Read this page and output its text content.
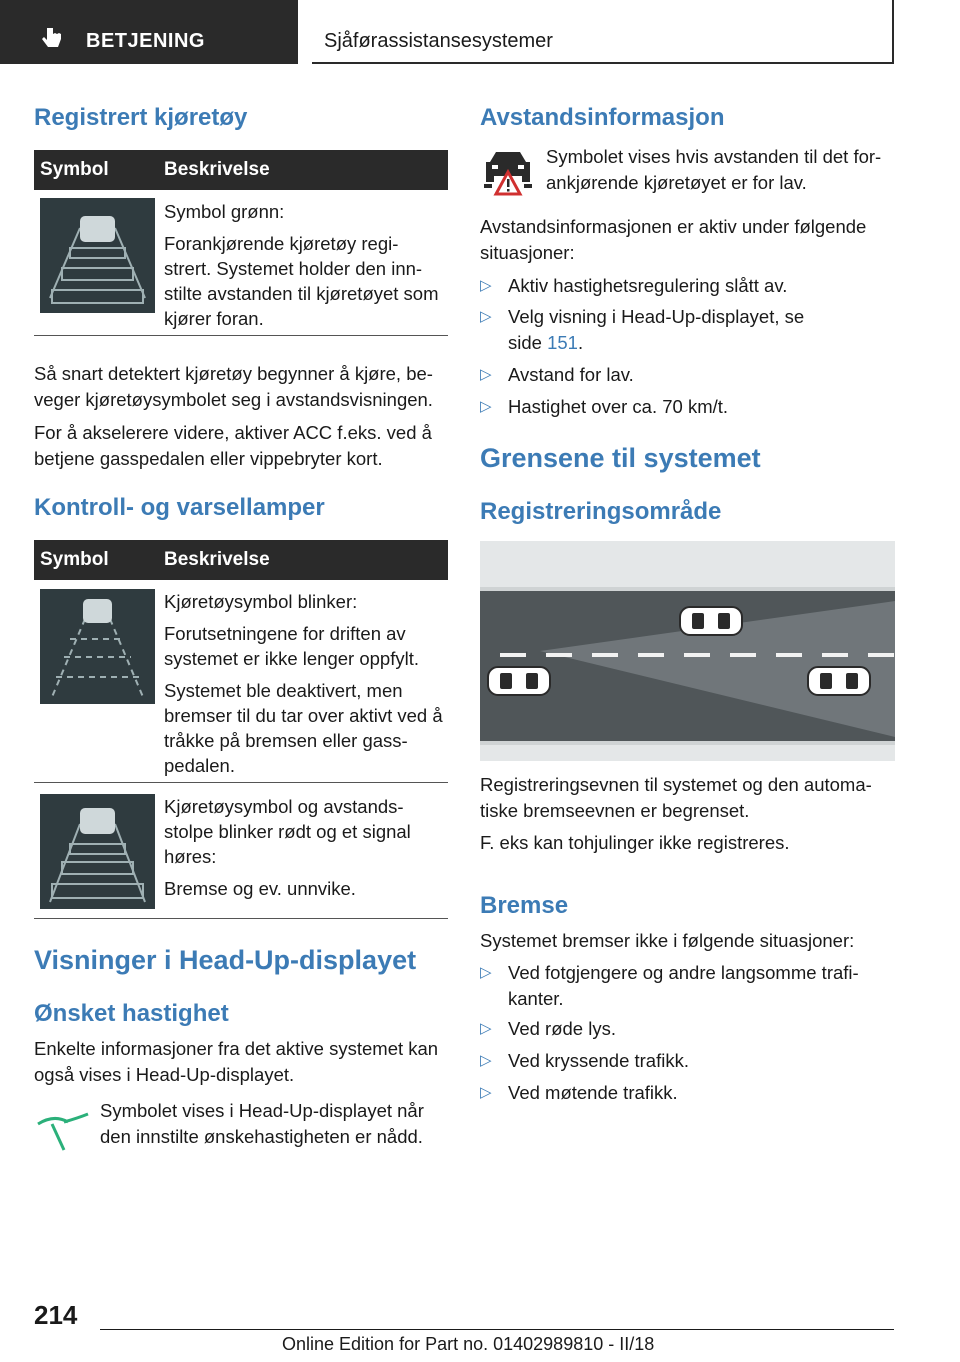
BETJENING	Sjåførassistansesystemer
Registrert kjøretøy
Symbol	Beskrivelse
Symbol grønn:
Forankjørende kjøretøy regi-strert. Systemet holder den inn-stilte avstanden til kjøretøyet som kjører foran.

Så snart detektert kjøretøy begynner å kjøre, be-veger kjøretøysymbolet seg i avstandsvisningen.

For å akselerere videre, aktiver ACC f.eks. ved å betjene gasspedalen eller vippebryter kort.

Kontroll- og varsellamper
Symbol	Beskrivelse
Kjøretøysymbol blinker:
Forutsetningene for driften av systemet er ikke lenger oppfylt.
Systemet ble deaktivert, men bremser til du tar over aktivt ved å tråkke på bremsen eller gass-pedalen.
Kjøretøysymbol og avstands-stolpe blinker rødt og et signal høres:
Bremse og ev. unnvike.
Visninger i Head-Up-displayet
Ønsket hastighet

Enkelte informasjoner fra det aktive systemet kan også vises i Head-Up-displayet.

Symbolet vises i Head-Up-displayet når den innstilte ønskehastigheten er nådd.

Avstandsinformasjon

Symbolet vises hvis avstanden til det for-ankjørende kjøretøyet er for lav.

Avstandsinformasjonen er aktiv under følgende situasjoner:

▷ Aktiv hastighetsregulering slått av.
▷ Velg visning i Head-Up-displayet, se
side 151.
▷ Avstand for lav.
▷ Hastighet over ca. 70 km/t.
Grensene til systemet
Registreringsområde

Registreringsevnen til systemet og den automa-tiske bremseevnen er begrenset.

F. eks kan tohjulinger ikke registreres.

Bremse

Systemet bremser ikke i følgende situasjoner:

▷ Ved fotgjengere og andre langsomme trafi-kanter.
▷ Ved røde lys.
▷ Ved kryssende trafikk.
▷ Ved møtende trafikk.
214
Online Edition for Part no. 01402989810 - II/18
